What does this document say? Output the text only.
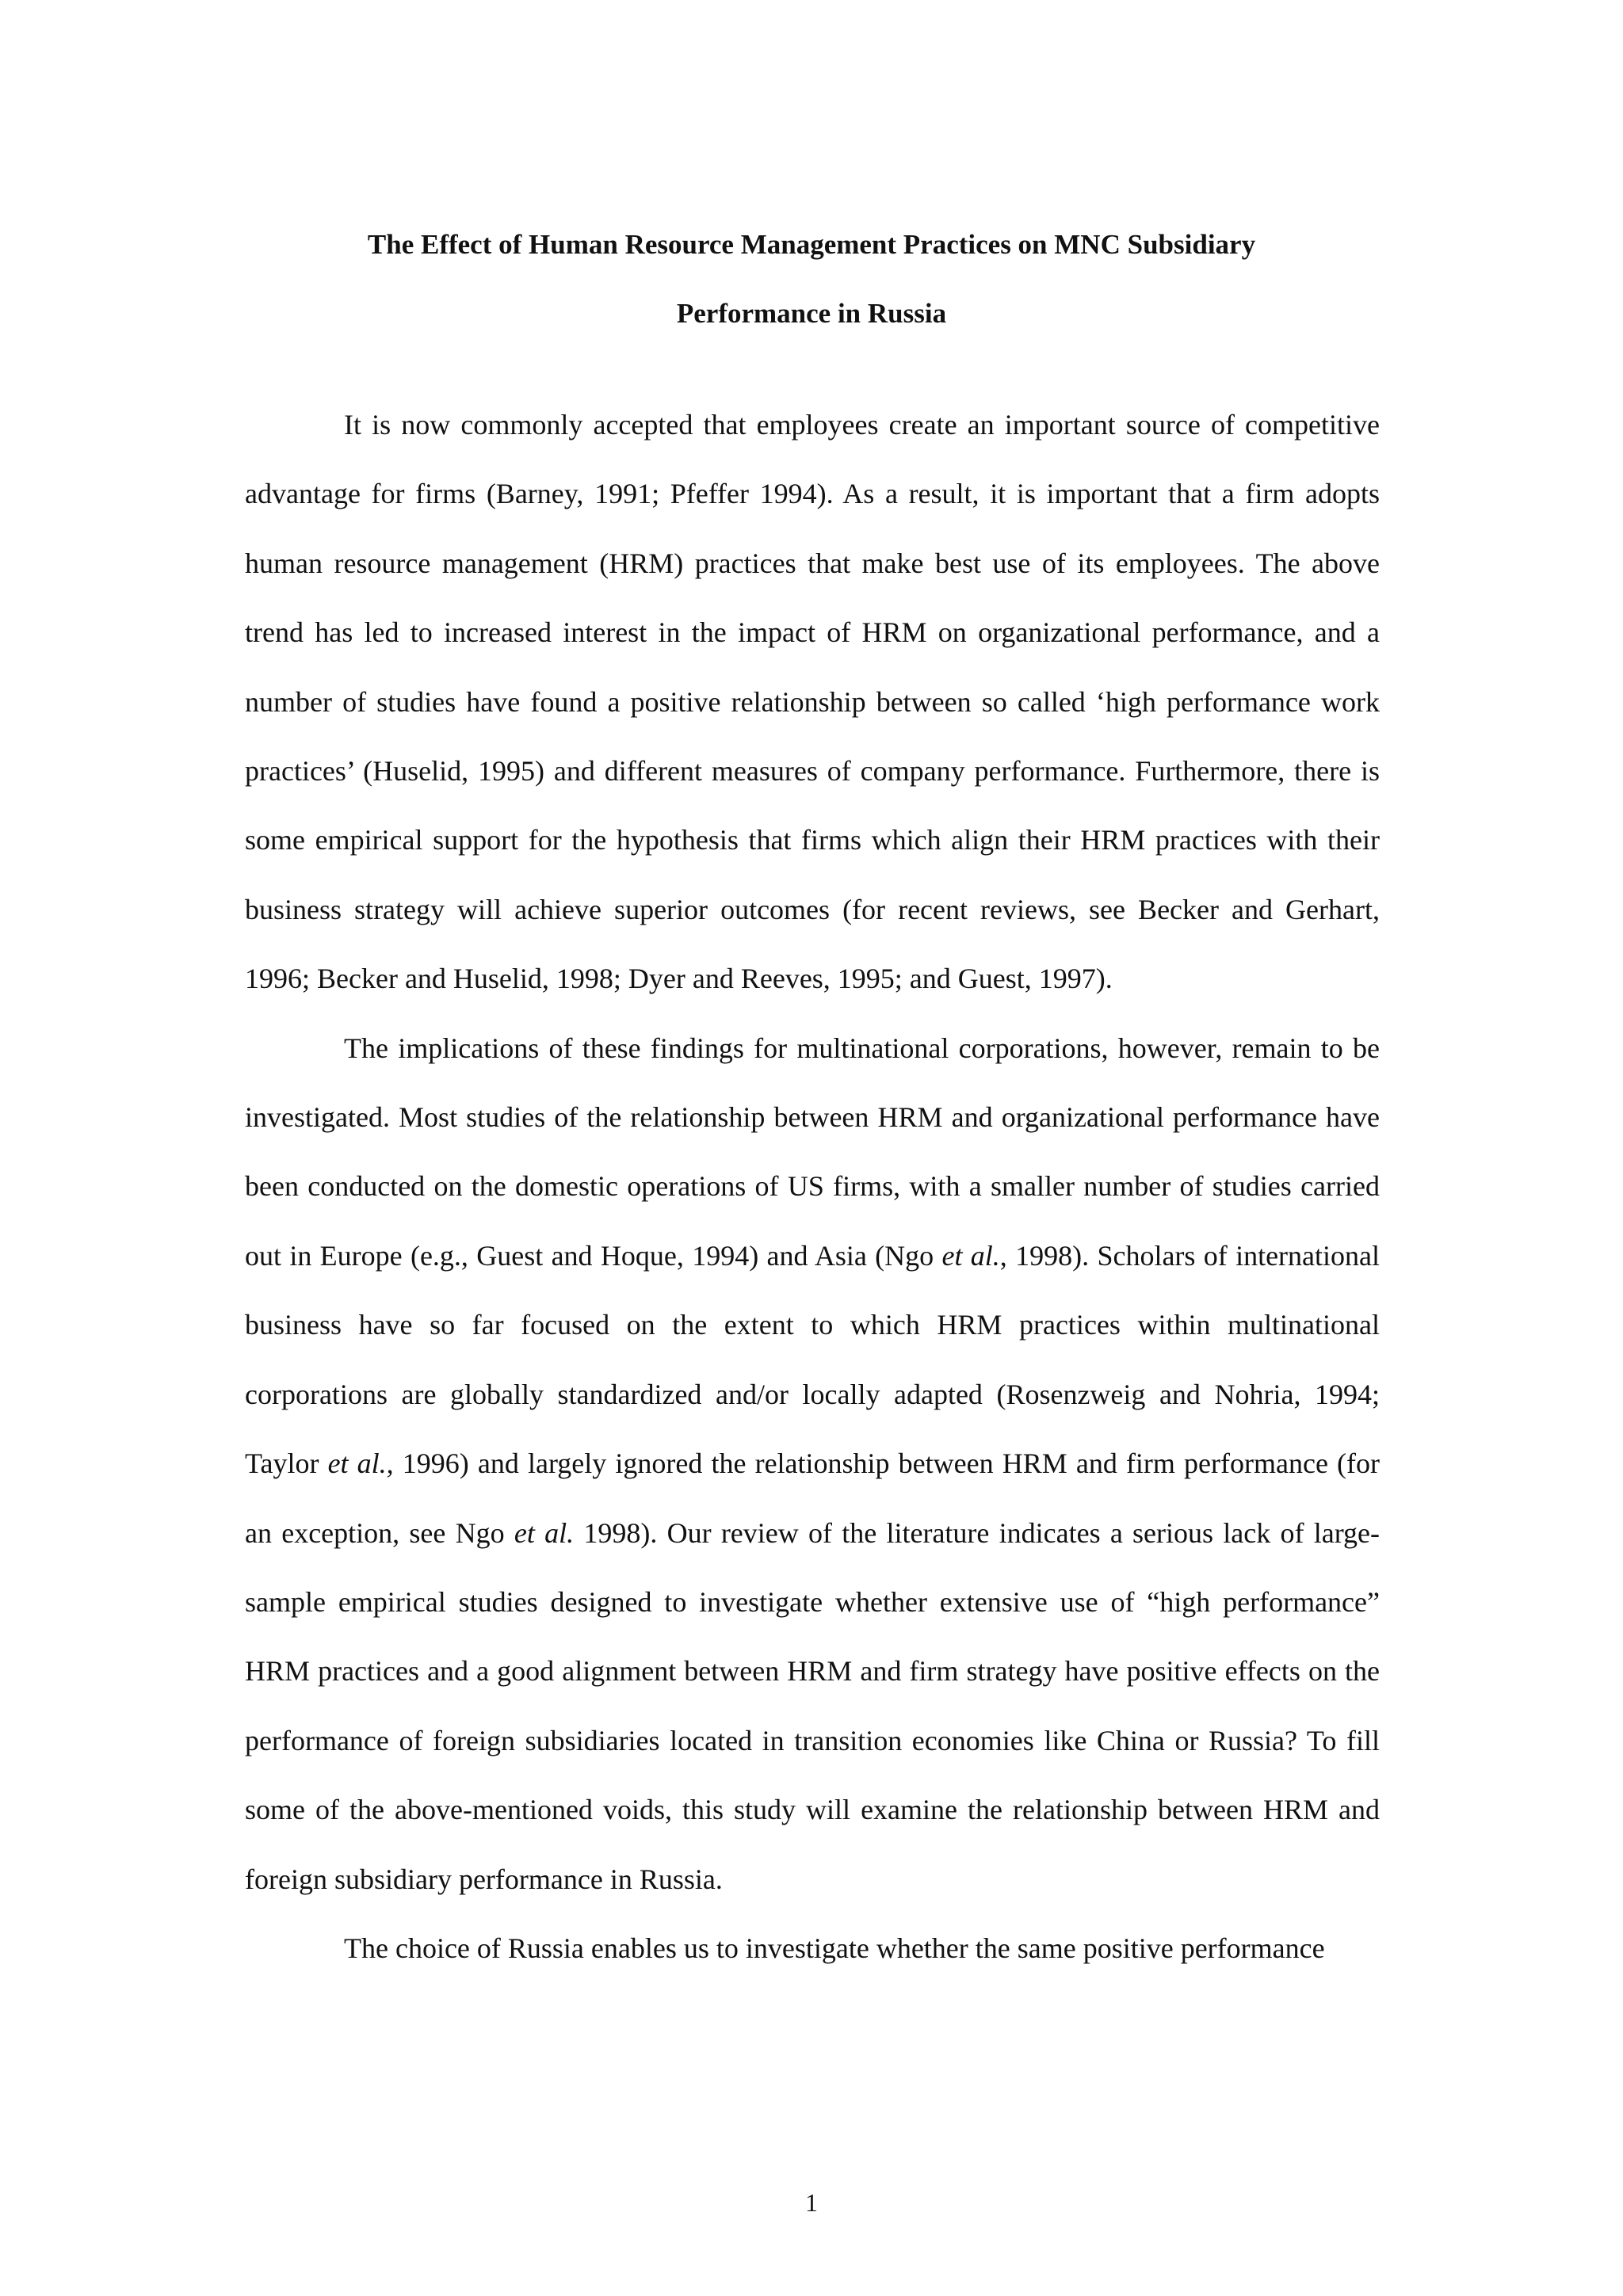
The Effect of Human Resource Management Practices on MNC Subsidiary
Performance in Russia

It is now commonly accepted that employees create an important source of competitive advantage for firms (Barney, 1991; Pfeffer 1994). As a result, it is important that a firm adopts human resource management (HRM) practices that make best use of its employees. The above trend has led to increased interest in the impact of HRM on organizational performance, and a number of studies have found a positive relationship between so called ‘high performance work practices’ (Huselid, 1995) and different measures of company performance. Furthermore, there is some empirical support for the hypothesis that firms which align their HRM practices with their business strategy will achieve superior outcomes (for recent reviews, see Becker and Gerhart, 1996; Becker and Huselid, 1998; Dyer and Reeves, 1995; and Guest, 1997).

The implications of these findings for multinational corporations, however, remain to be investigated. Most studies of the relationship between HRM and organizational performance have been conducted on the domestic operations of US firms, with a smaller number of studies carried out in Europe (e.g., Guest and Hoque, 1994) and Asia (Ngo et al., 1998). Scholars of international business have so far focused on the extent to which HRM practices within multinational corporations are globally standardized and/or locally adapted (Rosenzweig and Nohria, 1994; Taylor et al., 1996) and largely ignored the relationship between HRM and firm performance (for an exception, see Ngo et al. 1998). Our review of the literature indicates a serious lack of large-sample empirical studies designed to investigate whether extensive use of “high performance” HRM practices and a good alignment between HRM and firm strategy have positive effects on the performance of foreign subsidiaries located in transition economies like China or Russia? To fill some of the above-mentioned voids, this study will examine the relationship between HRM and foreign subsidiary performance in Russia.

The choice of Russia enables us to investigate whether the same positive performance

1
